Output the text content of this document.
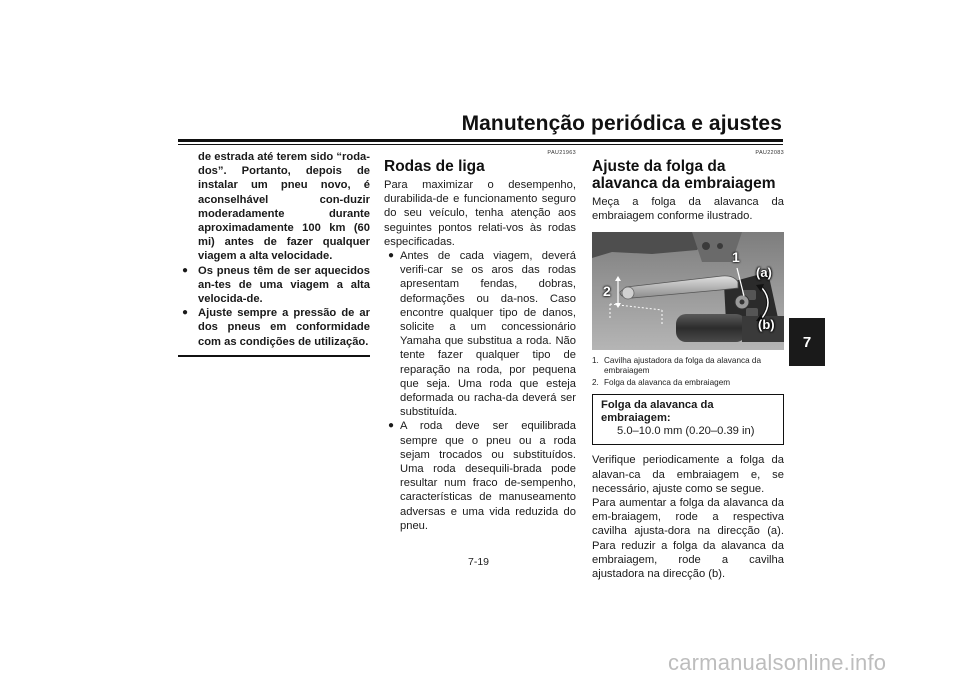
Manutenção periódica e ajustes
7

de estrada até terem sido “roda-dos”. Portanto, depois de instalar um pneu novo, é aconselhável con-duzir moderadamente durante aproximadamente 100 km (60 mi) antes de fazer qualquer viagem a alta velocidade.

● Os pneus têm de ser aquecidos an-tes de uma viagem a alta velocida-de.

● Ajuste sempre a pressão de ar dos pneus em conformidade com as condições de utilização.

PAU21963
Rodas de liga

Para maximizar o desempenho, durabilida-de e funcionamento seguro do seu veículo, tenha atenção aos seguintes pontos relati-vos às rodas especificadas.

● Antes de cada viagem, deverá verifi-car se os aros das rodas apresentam fendas, dobras, deformações ou da-nos. Caso encontre qualquer tipo de danos, solicite a um concessionário Yamaha que substitua a roda. Não tente fazer qualquer tipo de reparação na roda, por pequena que seja. Uma roda que esteja deformada ou racha-da deverá ser substituída.

● A roda deve ser equilibrada sempre que o pneu ou a roda sejam trocados ou substituídos. Uma roda desequili-brada pode resultar num fraco de-sempenho, características de manuseamento adversas e uma vida reduzida do pneu.

PAU22083
Ajuste da folga da alavanca da embraiagem

Meça a folga da alavanca da embraiagem conforme ilustrado.

1
2
(a)
(b)
1. Cavilha ajustadora da folga da alavanca da embraiagem
2. Folga da alavanca da embraiagem
Folga da alavanca da embraiagem:
5.0–10.0 mm (0.20–0.39 in)

Verifique periodicamente a folga da alavan-ca da embraiagem e, se necessário, ajuste como se segue.

Para aumentar a folga da alavanca da em-braiagem, rode a respectiva cavilha ajusta-dora na direcção (a). Para reduzir a folga da alavanca da embraiagem, rode a cavilha ajustadora na direcção (b).

7-19
carmanualsonline.info
